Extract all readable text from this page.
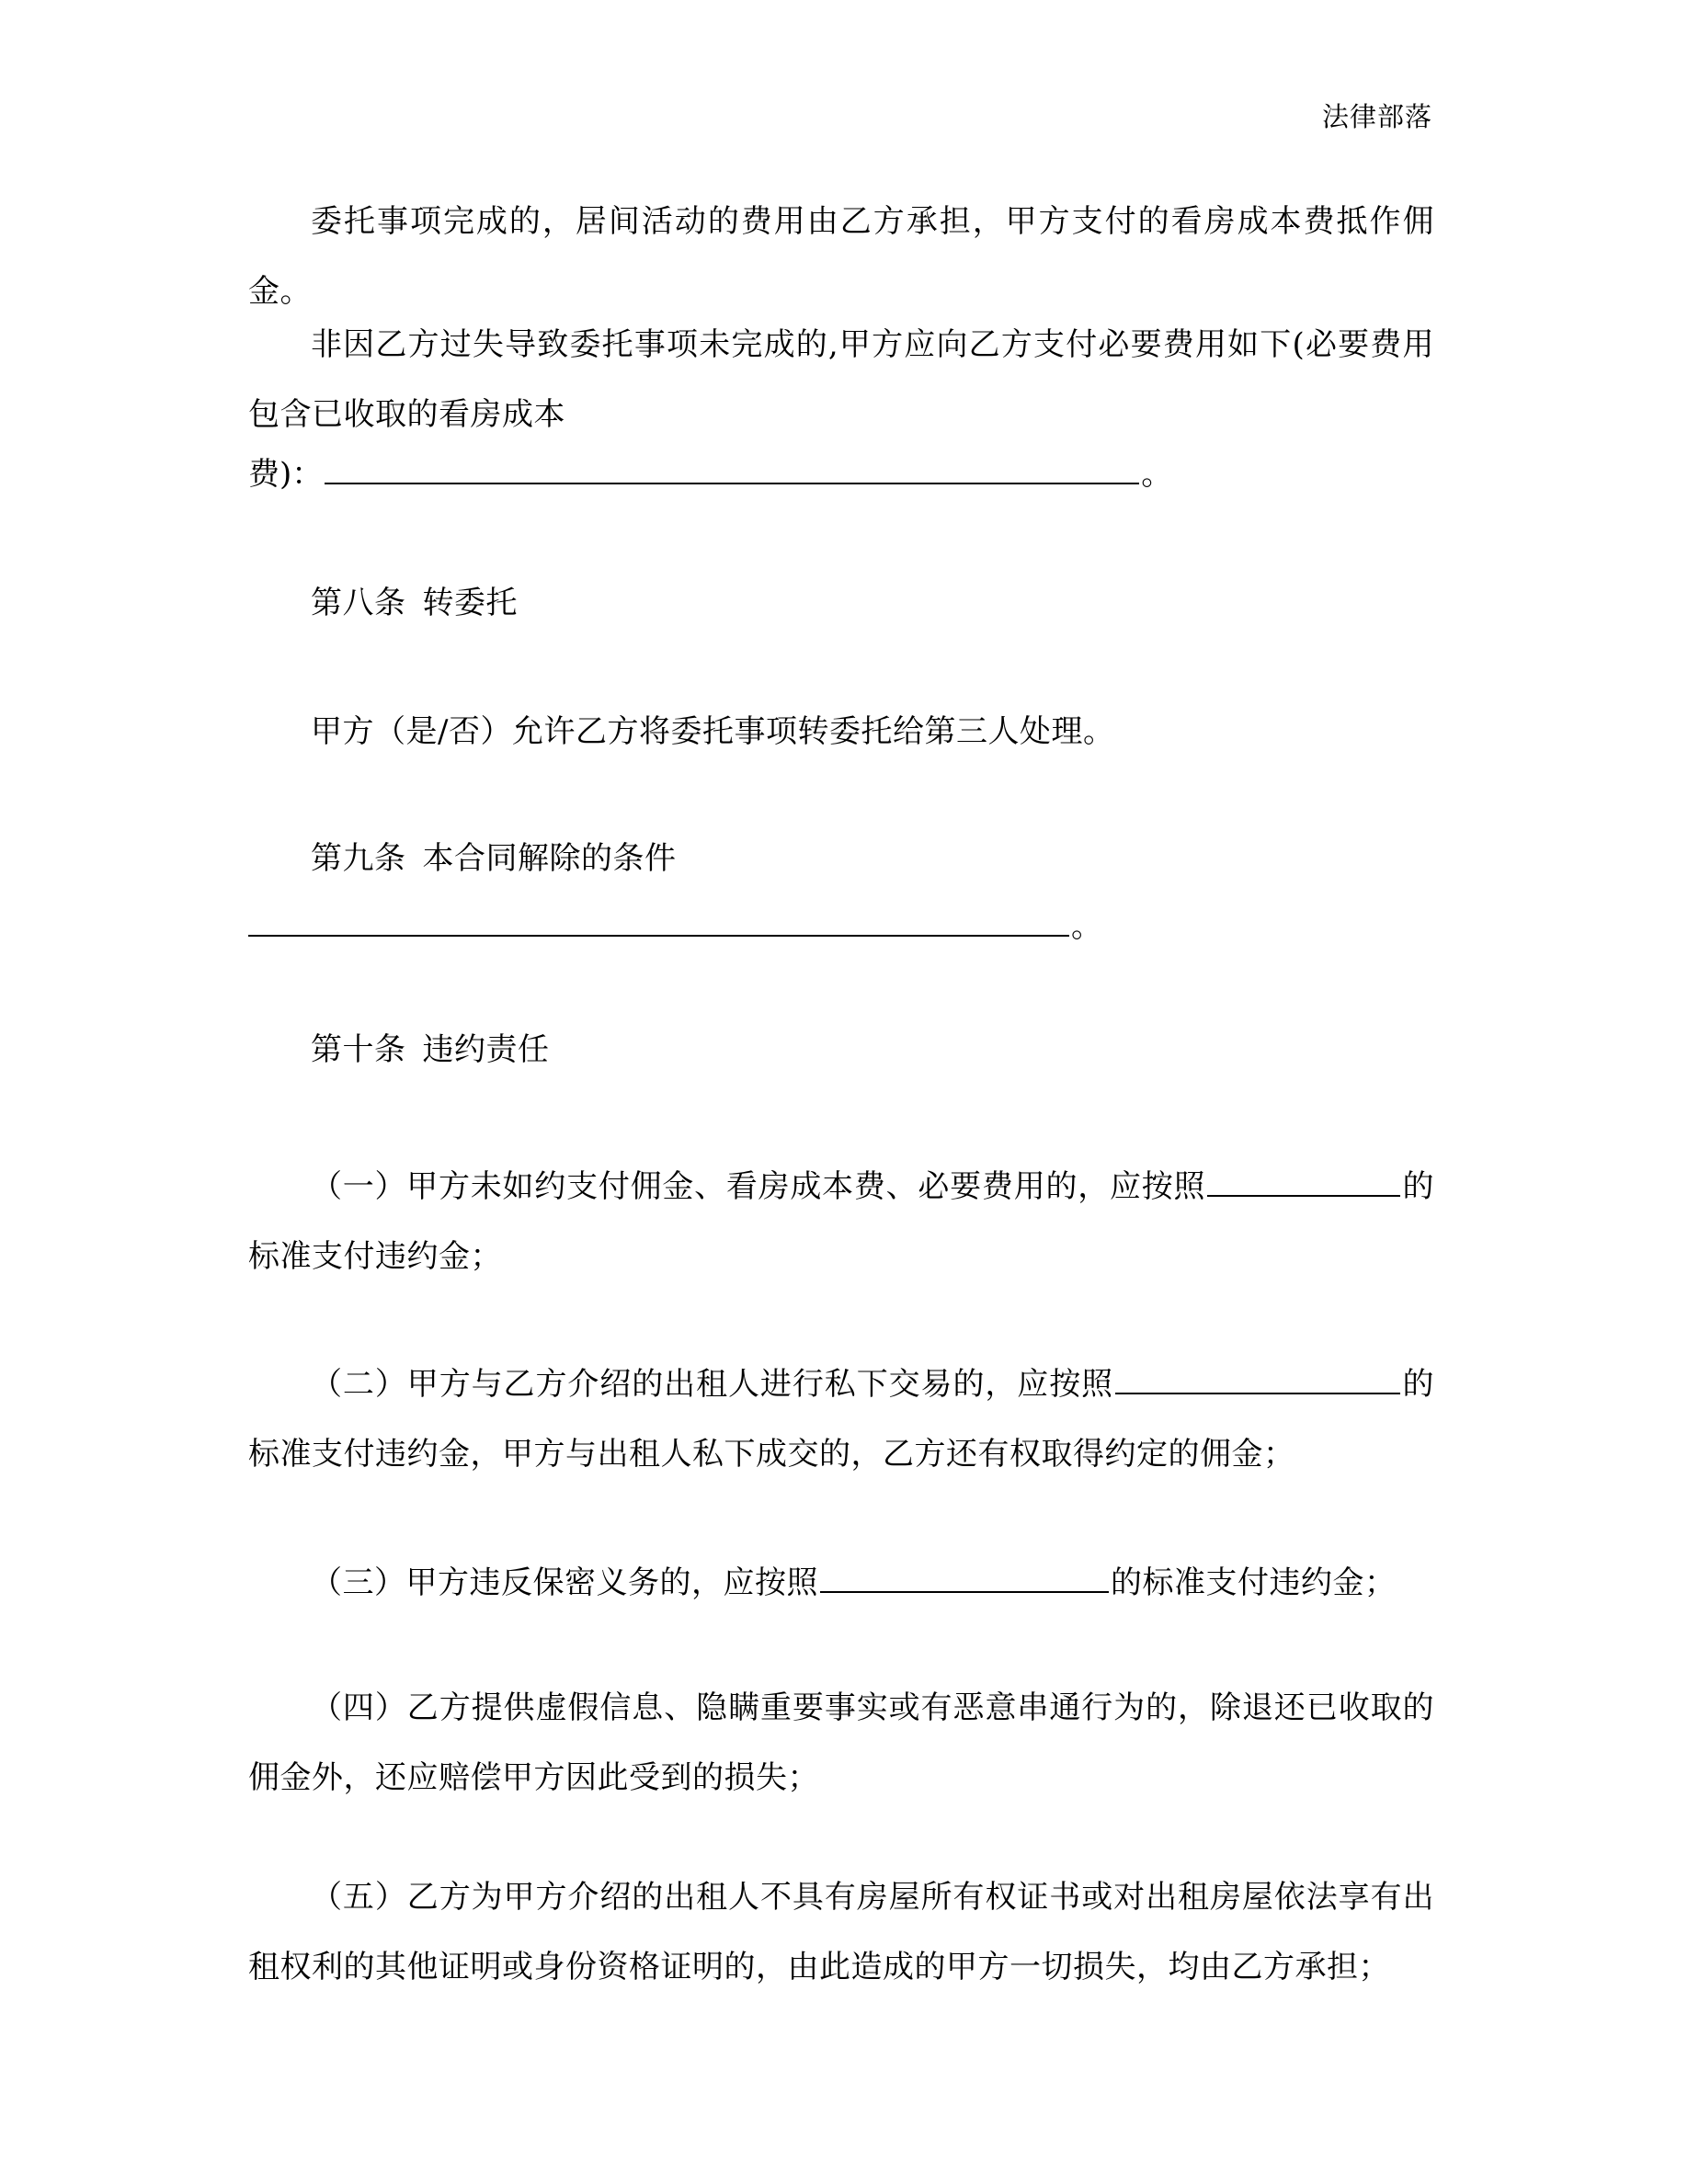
法律部落

委托事项完成的，居间活动的费用由乙方承担，甲方支付的看房成本费抵作佣金。

非因乙方过失导致委托事项未完成的,甲方应向乙方支付必要费用如下(必要费用包含已收取的看房成本

费)：	。

第八条 转委托

甲方（是/否）允许乙方将委托事项转委托给第三人处理。

第九条 本合同解除的条件

。

第十条 违约责任

（一）甲方未如约支付佣金、看房成本费、必要费用的，应按照	的标准支付违约金；

（二）甲方与乙方介绍的出租人进行私下交易的，应按照	的标准支付违约金，甲方与出租人私下成交的，乙方还有权取得约定的佣金；

（三）甲方违反保密义务的，应按照	的标准支付违约金；

（四）乙方提供虚假信息、隐瞒重要事实或有恶意串通行为的，除退还已收取的佣金外，还应赔偿甲方因此受到的损失；

（五）乙方为甲方介绍的出租人不具有房屋所有权证书或对出租房屋依法享有出租权利的其他证明或身份资格证明的，由此造成的甲方一切损失，均由乙方承担；
